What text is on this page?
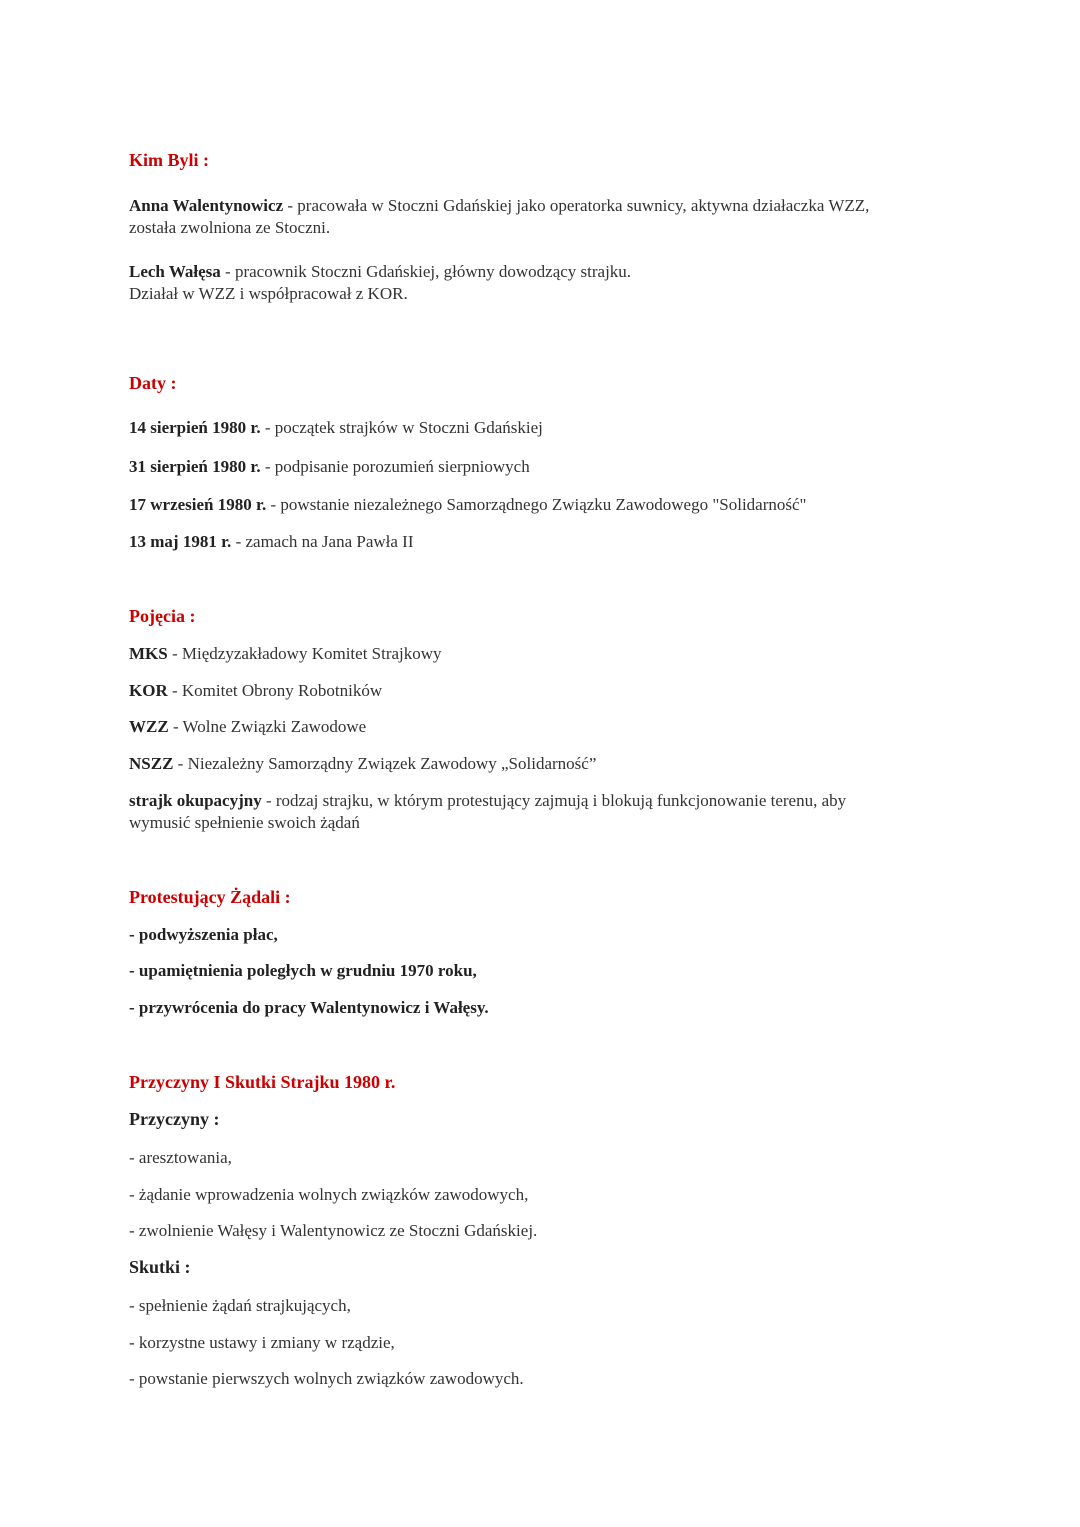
Kim Byli :
Anna Walentynowicz - pracowała w Stoczni Gdańskiej jako operatorka suwnicy, aktywna działaczka WZZ,
została zwolniona ze Stoczni.
Lech Wałęsa - pracownik Stoczni Gdańskiej, główny dowodzący strajku.
Działał w WZZ i współpracował z KOR.
Daty :
14 sierpień 1980 r. - początek strajków w Stoczni Gdańskiej
31 sierpień 1980 r. - podpisanie porozumień sierpniowych
17 wrzesień 1980 r. - powstanie niezależnego Samorządnego Związku Zawodowego "Solidarność"
13 maj 1981 r. - zamach na Jana Pawła II
Pojęcia :
MKS - Międzyzakładowy Komitet Strajkowy
KOR - Komitet Obrony Robotników
WZZ - Wolne Związki Zawodowe
NSZZ - Niezależny Samorządny Związek Zawodowy „Solidarność”
strajk okupacyjny - rodzaj strajku, w którym protestujący zajmują i blokują funkcjonowanie terenu, aby
wymusić spełnienie swoich żądań
Protestujący Żądali :
- podwyższenia płac,
- upamiętnienia poległych w grudniu 1970 roku,
- przywrócenia do pracy Walentynowicz i Wałęsy.
Przyczyny I Skutki Strajku 1980 r.
Przyczyny :
- aresztowania,
- żądanie wprowadzenia wolnych związków zawodowych,
- zwolnienie Wałęsy i Walentynowicz ze Stoczni Gdańskiej.
Skutki :
- spełnienie żądań strajkujących,
- korzystne ustawy i zmiany w rządzie,
- powstanie pierwszych wolnych związków zawodowych.
